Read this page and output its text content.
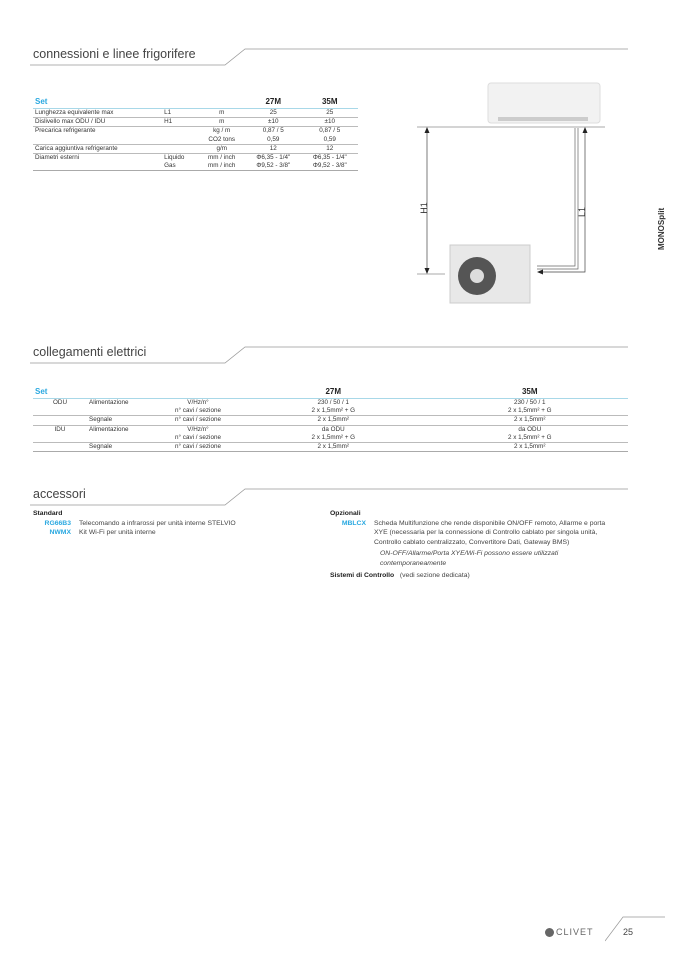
connessioni e linee frigorifere
Set			27M	35M
Lunghezza equivalente max	L1	m	25	25
Dislivello max ODU / IDU	H1	m	±10	±10
Precarica refrigerante		kg / m	0,87 / 5	0,87 / 5
		CO2 tons	0,59	0,59
Carica aggiuntiva refrigerante		g/m	12	12
Diametri esterni	Liquido	mm / inch	Φ6,35 - 1/4"	Φ6,35 - 1/4"
	Gas	mm / inch	Φ9,52 - 3/8"	Φ9,52 - 3/8"
H1	L1	MONOSplit
collegamenti elettrici
Set			27M	35M
ODU	Alimentazione	V/Hz/n°	230 / 50 / 1	230 / 50 / 1
		n° cavi / sezione	2 x 1,5mm² + G	2 x 1,5mm² + G
	Segnale	n° cavi / sezione	2 x 1,5mm²	2 x 1,5mm²
IDU	Alimentazione	V/Hz/n°	da ODU	da ODU
		n° cavi / sezione	2 x 1,5mm² + G	2 x 1,5mm² + G
	Segnale	n° cavi / sezione	2 x 1,5mm²	2 x 1,5mm²
accessori
Standard
RG66B3 Telecomando a infrarossi per unità interne STELVIO
NWMX Kit Wi-Fi per unità interne
Opzionali
MBLCX Scheda Multifunzione che rende disponibile ON/OFF remoto, Allarme e porta XYE (necessaria per la connessione di Controllo cablato per singola unità, Controllo cablato centralizzato, Convertitore Dati, Gateway BMS)
ON-OFF/Allarme/Porta XYE/Wi-Fi possono essere utilizzati contemporaneamente
Sistemi di Controllo (vedi sezione dedicata)
CLIVET	25
